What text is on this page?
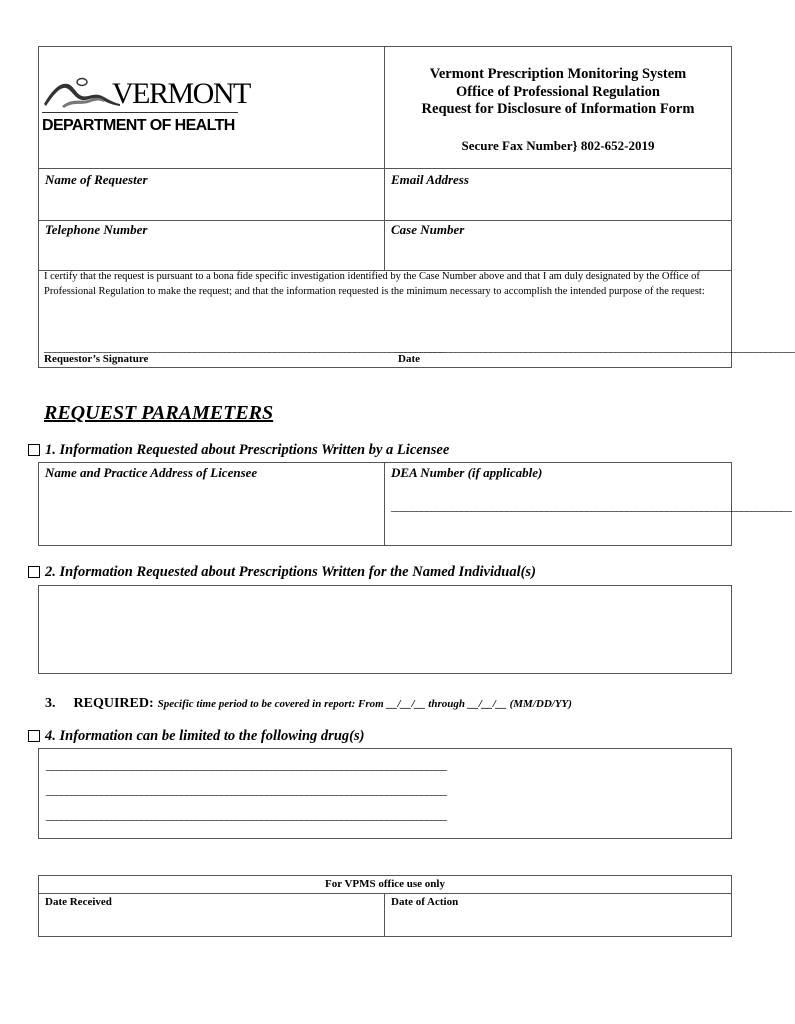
VERMONT
DEPARTMENT OF HEALTH
Vermont Prescription Monitoring System
Office of Professional Regulation
Request for Disclosure of Information Form
Secure Fax Number} 802-652-2019
Name of Requester	Email Address
Telephone Number	Case Number
I certify that the request is pursuant to a bona fide specific investigation identified by the Case Number above and that I am duly designated by the Office of Professional Regulation to make the request; and that the information requested is the minimum necessary to accomplish the intended purpose of the request:
________________________________________________________________________________
________________________________________________________________________________
Requestor’s Signature	Date
REQUEST PARAMETERS
1. Information Requested about Prescriptions Written by a Licensee
Name and Practice Address of Licensee	DEA Number (if applicable)
________________________________________________________________________________
2. Information Requested about Prescriptions Written for the Named Individual(s)
3. REQUIRED: Specific time period to be covered in report: From __/__/__ through __/__/__ (MM/DD/YY)
4. Information can be limited to the following drug(s)
________________________________________________________________________________
________________________________________________________________________________
________________________________________________________________________________
For VPMS office use only
Date Received	Date of Action
